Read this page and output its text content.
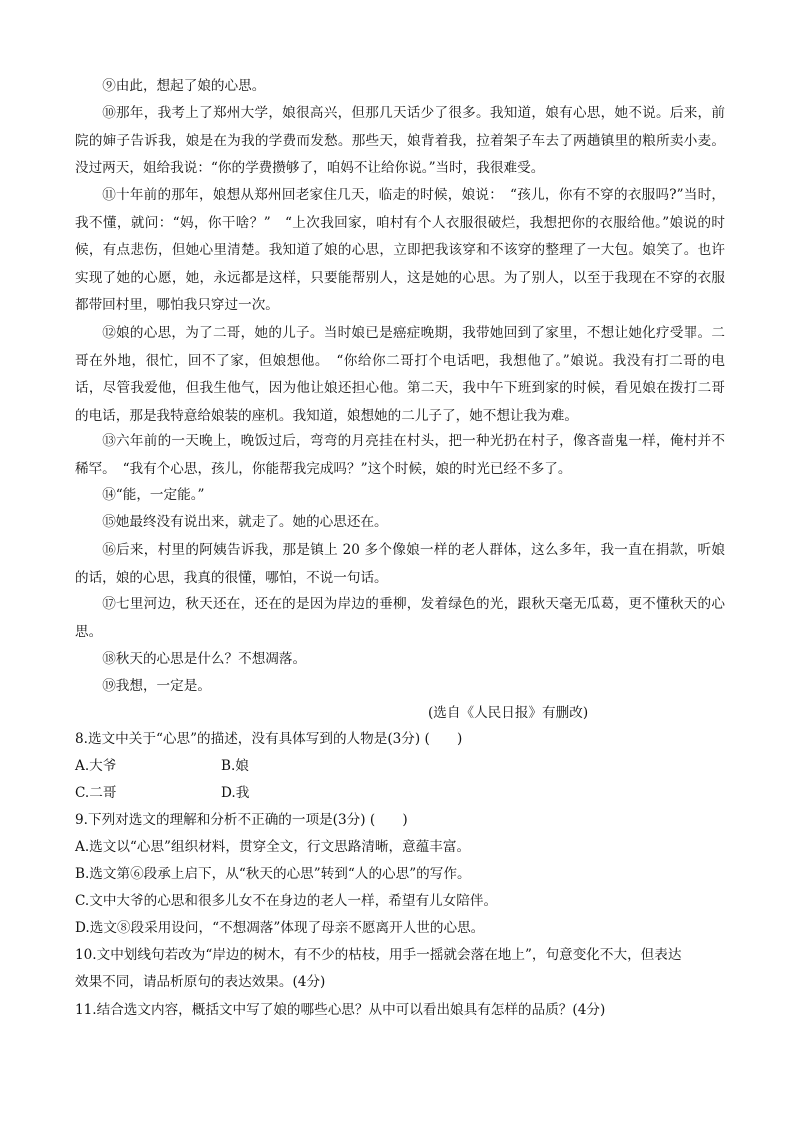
⑨由此，想起了娘的心思。

⑩那年，我考上了郑州大学，娘很高兴，但那几天话少了很多。我知道，娘有心思，她不说。后来，前院的婶子告诉我，娘是在为我的学费而发愁。那些天，娘背着我，拉着架子车去了两趟镇里的粮所卖小麦。没过两天，姐给我说：“你的学费攒够了，咱妈不让给你说。”当时，我很难受。

⑪十年前的那年，娘想从郑州回老家住几天，临走的时候，娘说：　“孩儿，你有不穿的衣服吗?”当时，我不懂，就问：“妈，你干啥？”　“上次我回家，咱村有个人衣服很破烂，我想把你的衣服给他。”娘说的时候，有点悲伤，但她心里清楚。我知道了娘的心思，立即把我该穿和不该穿的整理了一大包。娘笑了。也许实现了她的心愿，她，永远都是这样，只要能帮别人，这是她的心思。为了别人，以至于我现在不穿的衣服都带回村里，哪怕我只穿过一次。

⑫娘的心思，为了二哥，她的儿子。当时娘已是癌症晚期，我带她回到了家里，不想让她化疗受罪。二哥在外地，很忙，回不了家，但娘想他。　“你给你二哥打个电话吧，我想他了。”娘说。我没有打二哥的电话，尽管我爱他，但我生他气，因为他让娘还担心他。第二天，我中午下班到家的时候，看见娘在拨打二哥的电话，那是我特意给娘装的座机。我知道，娘想她的二儿子了，她不想让我为难。

⑬六年前的一天晚上，晚饭过后，弯弯的月亮挂在村头，把一种光扔在村子，像吝啬鬼一样，俺村并不稀罕。　“我有个心思，孩儿，你能帮我完成吗？”这个时候，娘的时光已经不多了。

⑭“能，一定能。”

⑮她最终没有说出来，就走了。她的心思还在。

⑯后来，村里的阿姨告诉我，那是镇上 20 多个像娘一样的老人群体，这么多年，我一直在捐款，听娘的话，娘的心思，我真的很懂，哪怕，不说一句话。

⑰七里河边，秋天还在，还在的是因为岸边的垂柳，发着绿色的光，跟秋天毫无瓜葛，更不懂秋天的心思。

⑱秋天的心思是什么？不想凋落。

⑲我想，一定是。

(选自《人民日报》有删改)
8.选文中关于“心思”的描述，没有具体写到的人物是(3分) (　　)
A.大爷	B.娘
C.二哥	D.我
9.下列对选文的理解和分析不正确的一项是(3分) (　　)
A.选文以“心思”组织材料，贯穿全文，行文思路清晰，意蕴丰富。
B.选文第⑥段承上启下，从“秋天的心思”转到“人的心思”的写作。
C.文中大爷的心思和很多儿女不在身边的老人一样，希望有儿女陪伴。
D.选文⑧段采用设问，“不想凋落”体现了母亲不愿离开人世的心思。
10.文中划线句若改为“岸边的树木，有不少的枯枝，用手一摇就会落在地上”，句意变化不大，但表达
效果不同，请品析原句的表达效果。(4分)
11.结合选文内容，概括文中写了娘的哪些心思？从中可以看出娘具有怎样的品质？(4分)
